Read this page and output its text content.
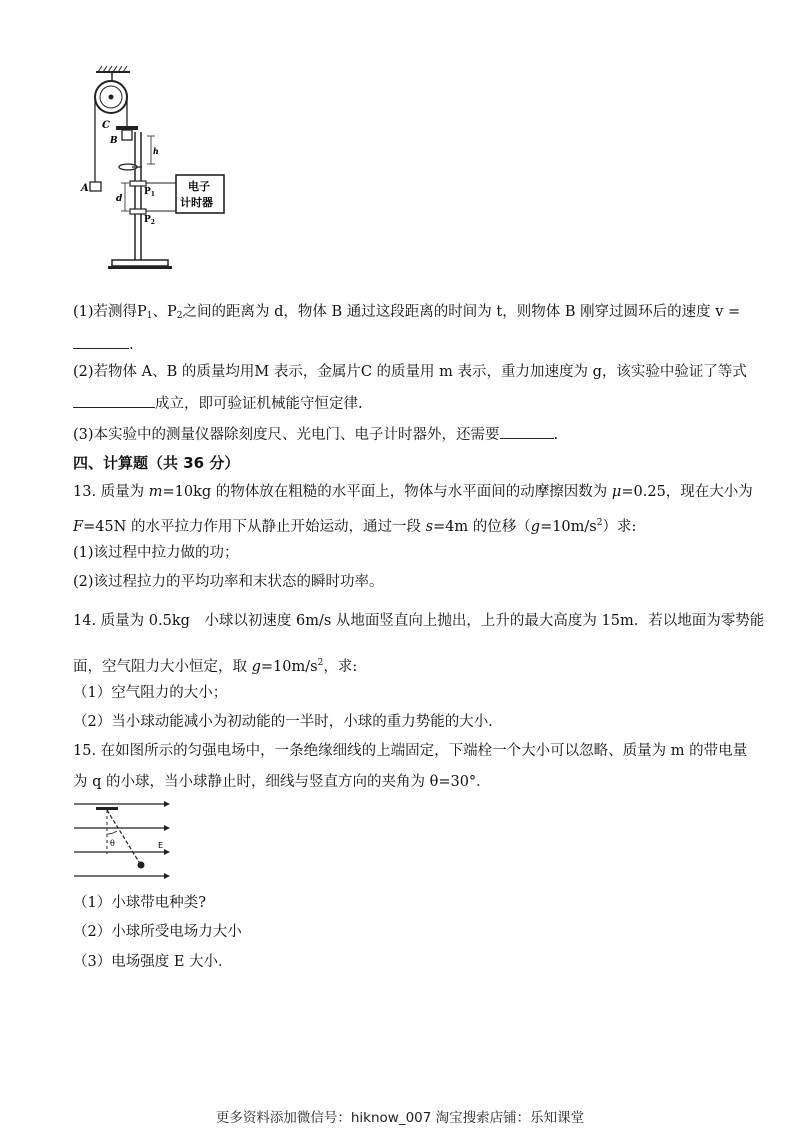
C
B
A
h
d
$P_1$
$P_2$
电子
计时器
(1)若测得$P_1$、$P_2$之间的距离为 d，物体 B 通过这段距离的时间为 t，则物体 B 刚穿过圆环后的速度 v =
.
(2)若物体 A、B 的质量均用M 表示，金属片C 的质量用 m 表示，重力加速度为 g，该实验中验证了等式
成立，即可验证机械能守恒定律.
(3)本实验中的测量仪器除刻度尺、光电门、电子计时器外，还需要	.
四、计算题（共 36 分）
13. 质量为 m=10kg 的物体放在粗糙的水平面上，物体与水平面间的动摩擦因数为 μ=0.25，现在大小为
F=45N 的水平拉力作用下从静止开始运动，通过一段 s=4m 的位移$(g=10m/s^2)$求:
(1)该过程中拉力做的功；
(2)该过程拉力的平均功率和末状态的瞬时功率。
14. 质量为 0.5kg　小球以初速度 6m/s 从地面竖直向上抛出，上升的最大高度为 15m．若以地面为零势能
面，空气阻力大小恒定，取 $g=10m/s^2$，求:
（1）空气阻力的大小；
（2）当小球动能减小为初动能的一半时，小球的重力势能的大小．
15. 在如图所示的匀强电场中，一条绝缘细线的上端固定，下端栓一个大小可以忽略、质量为 m 的带电量
为 q 的小球，当小球静止时，细线与竖直方向的夹角为 θ=30°．
θ	E
（1）小球带电种类?
（2）小球所受电场力大小
（3）电场强度 E 大小．
更多资料添加微信号：hiknow_007 淘宝搜索店铺：乐知课堂
